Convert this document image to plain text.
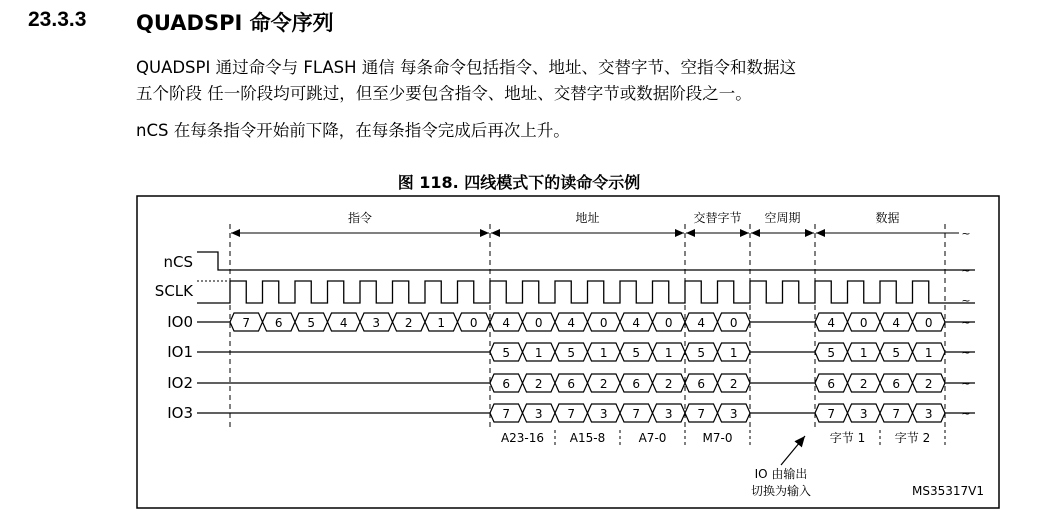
23.3.3 QUADSPI 命令序列
QUADSPI 通过命令与 FLASH 通信 每条命令包括指令、地址、交替字节、空指令和数据这
五个阶段 任一阶段均可跳过，但至少要包含指令、地址、交替字节或数据阶段之一。
nCS 在每条指令开始前下降，在每条指令完成后再次上升。
图 118. 四线模式下的读命令示例
指令	地址	交替字节 空周期	数据
~
~
~
~
~
~
~
nCS
SCLK
IO0
IO1
IO2
IO3
7 6 5 4 3 2 1 0 4 0 4 0 4 0 4 0	4 0 4 0
5 1 5 1 5 1 5 1	5 1 5 1
6 2 6 2 6 2 6 2	6 2 6 2
7 3 7 3 7 3 7 3	7 3 7 3
A23-16 A15-8	A7-0	M7-0	字节 1 字节 2
IO 由输出
切换为输入	MS35317V1
